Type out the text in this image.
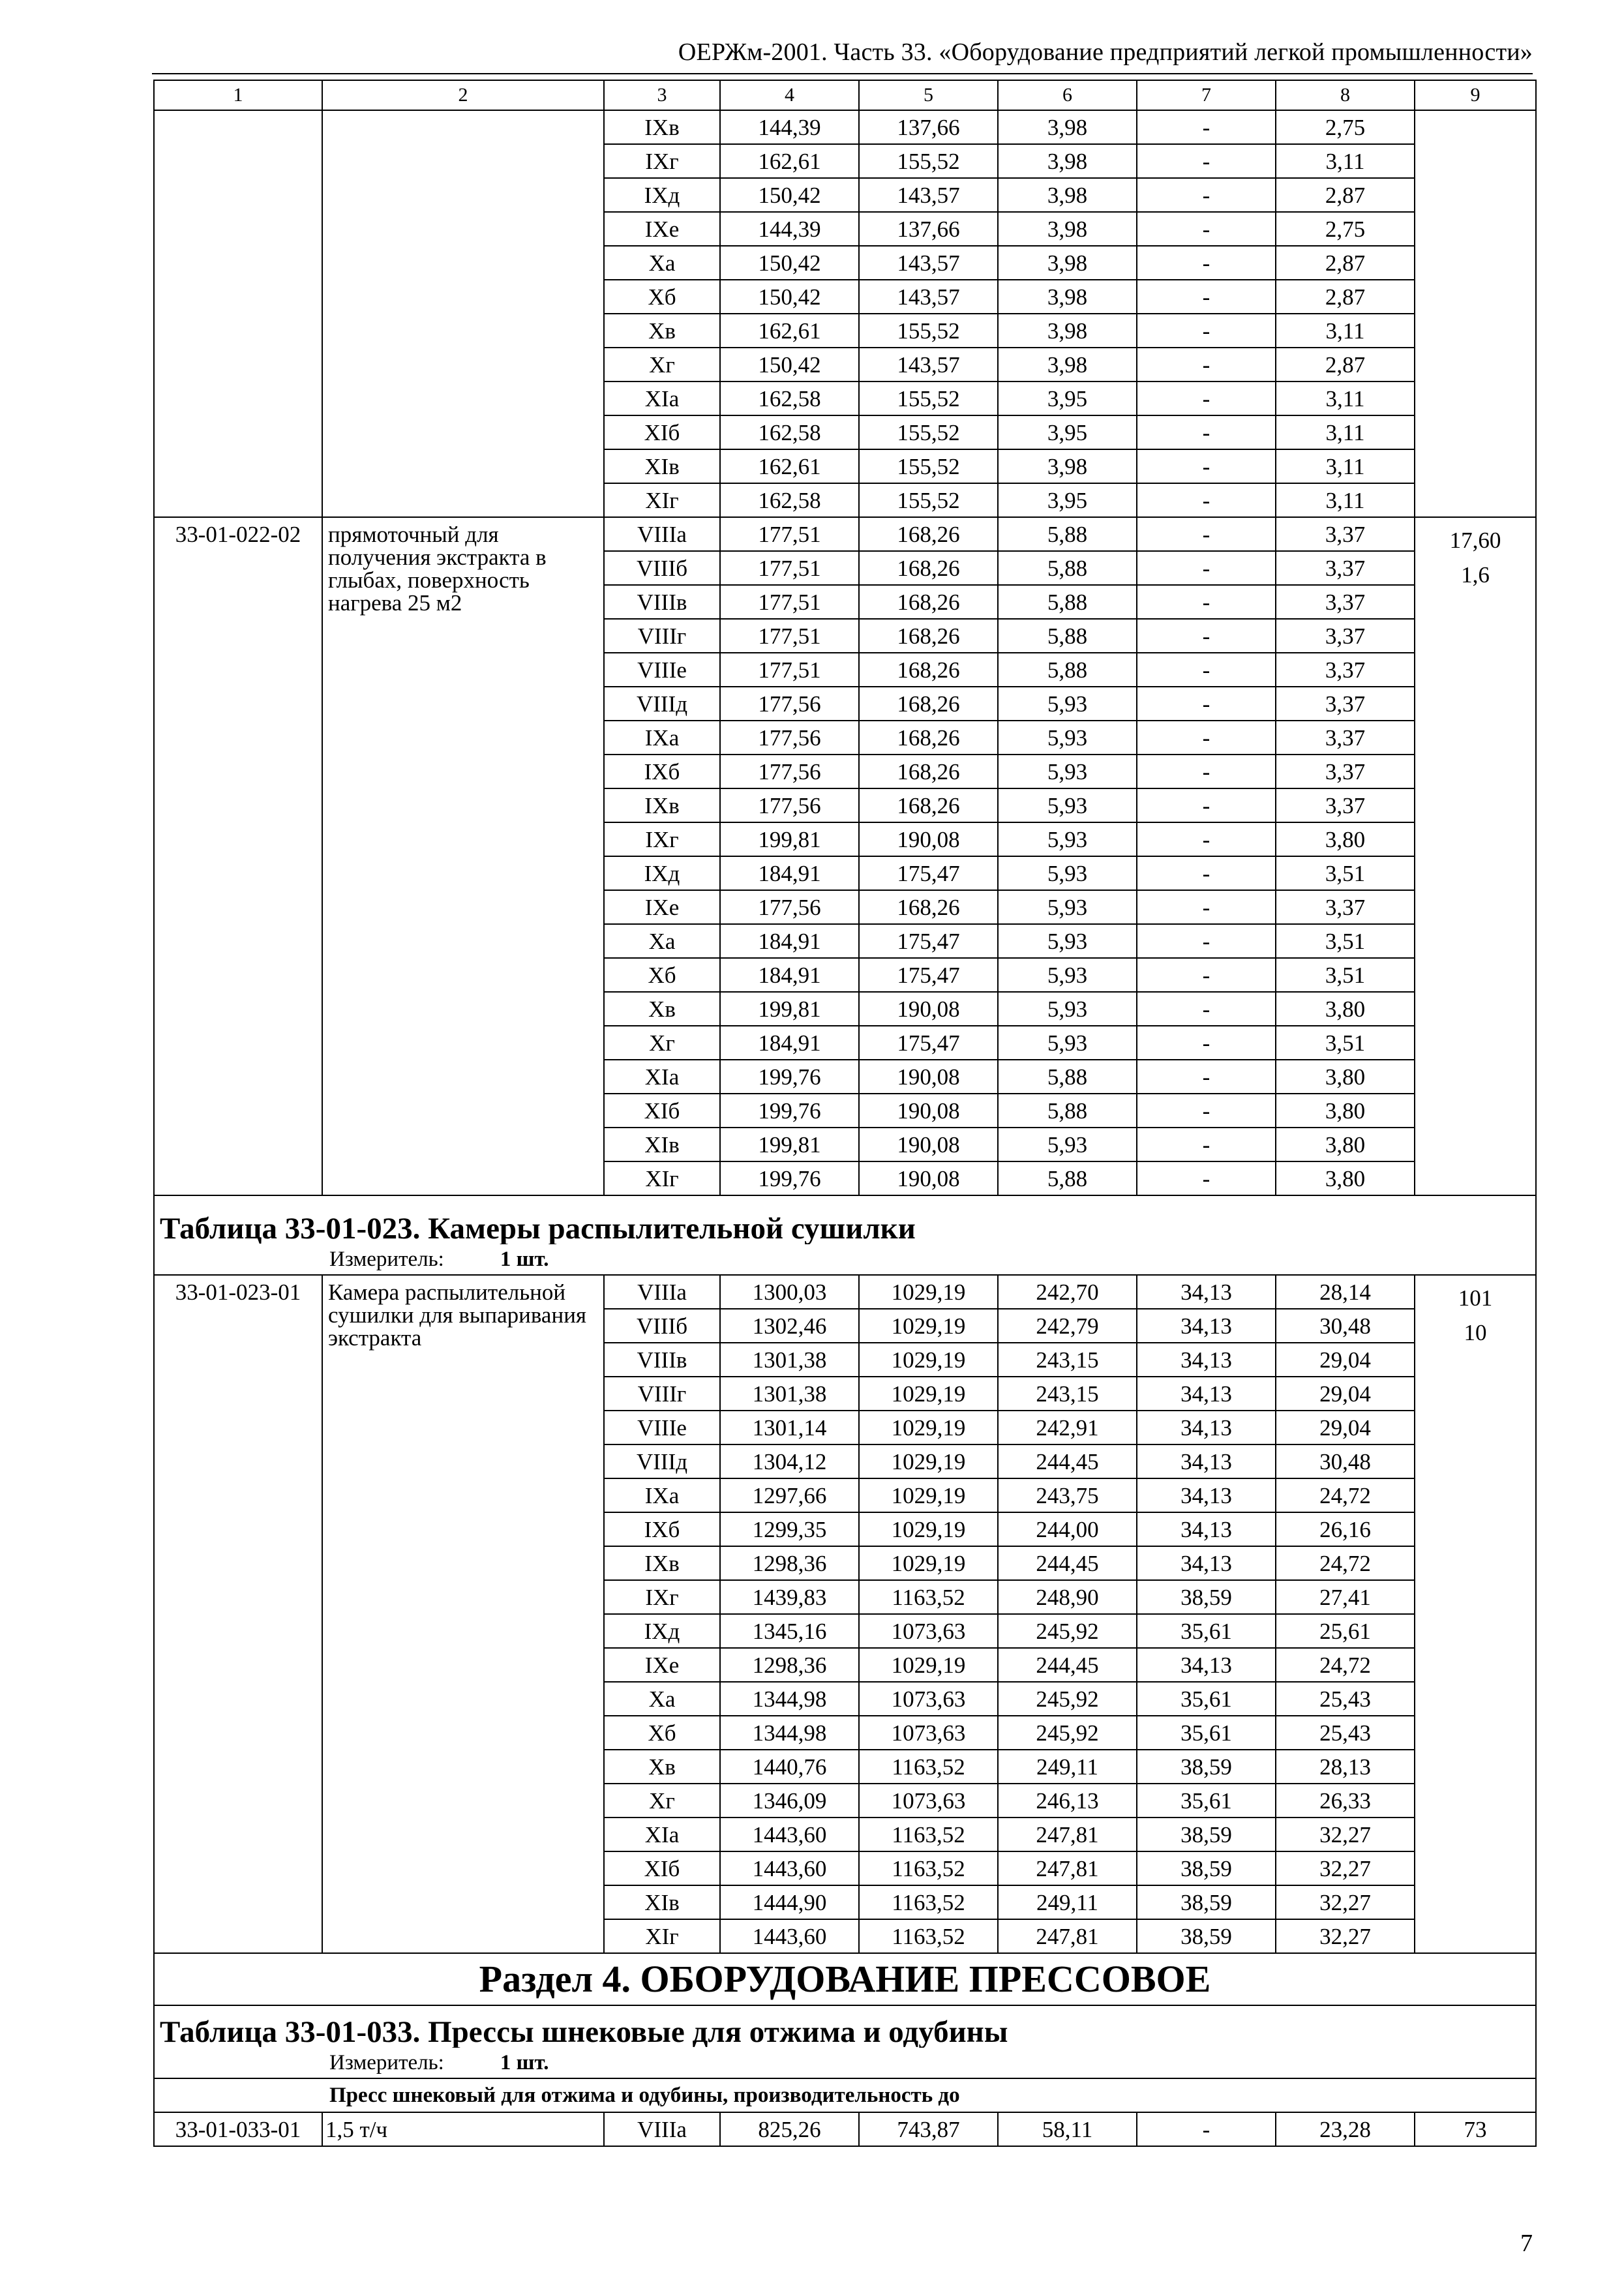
ОЕРЖм-2001. Часть 33. «Оборудование предприятий легкой промышленности»
1	2	3	4	5	6	7	8	9
		IXв	144,39	137,66	3,98	-	2,75	
		IXг	162,61	155,52	3,98	-	3,11	
		IXд	150,42	143,57	3,98	-	2,87	
		IXе	144,39	137,66	3,98	-	2,75	
		Xа	150,42	143,57	3,98	-	2,87	
		Xб	150,42	143,57	3,98	-	2,87	
		Xв	162,61	155,52	3,98	-	3,11	
		Xг	150,42	143,57	3,98	-	2,87	
		XIа	162,58	155,52	3,95	-	3,11	
		XIб	162,58	155,52	3,95	-	3,11	
		XIв	162,61	155,52	3,98	-	3,11	
		XIг	162,58	155,52	3,95	-	3,11	
33-01-022-02	прямоточный для получения экстракта в глыбах, поверхность нагрева 25 м2	VIIIа	177,51	168,26	5,88	-	3,37	17,60
1,6

		VIIIб	177,51	168,26	5,88	-	3,37	
		VIIIв	177,51	168,26	5,88	-	3,37	
		VIIIг	177,51	168,26	5,88	-	3,37	
		VIIIе	177,51	168,26	5,88	-	3,37	
		VIIIд	177,56	168,26	5,93	-	3,37	
		IXа	177,56	168,26	5,93	-	3,37	
		IXб	177,56	168,26	5,93	-	3,37	
		IXв	177,56	168,26	5,93	-	3,37	
		IXг	199,81	190,08	5,93	-	3,80	
		IXд	184,91	175,47	5,93	-	3,51	
		IXе	177,56	168,26	5,93	-	3,37	
		Xа	184,91	175,47	5,93	-	3,51	
		Xб	184,91	175,47	5,93	-	3,51	
		Xв	199,81	190,08	5,93	-	3,80	
		Xг	184,91	175,47	5,93	-	3,51	
		XIа	199,76	190,08	5,88	-	3,80	
		XIб	199,76	190,08	5,88	-	3,80	
		XIв	199,81	190,08	5,93	-	3,80	
		XIг	199,76	190,08	5,88	-	3,80	
Таблица 33-01-023. Камеры распылительной сушилки								
Измеритель: 1 шт.								
33-01-023-01	Камера распылительной сушилки для выпаривания экстракта	VIIIа	1300,03	1029,19	242,70	34,13	28,14	101
10

		VIIIб	1302,46	1029,19	242,79	34,13	30,48	
		VIIIв	1301,38	1029,19	243,15	34,13	29,04	
		VIIIг	1301,38	1029,19	243,15	34,13	29,04	
		VIIIе	1301,14	1029,19	242,91	34,13	29,04	
		VIIIд	1304,12	1029,19	244,45	34,13	30,48	
		IXа	1297,66	1029,19	243,75	34,13	24,72	
		IXб	1299,35	1029,19	244,00	34,13	26,16	
		IXв	1298,36	1029,19	244,45	34,13	24,72	
		IXг	1439,83	1163,52	248,90	38,59	27,41	
		IXд	1345,16	1073,63	245,92	35,61	25,61	
		IXе	1298,36	1029,19	244,45	34,13	24,72	
		Xа	1344,98	1073,63	245,92	35,61	25,43	
		Xб	1344,98	1073,63	245,92	35,61	25,43	
		Xв	1440,76	1163,52	249,11	38,59	28,13	
		Xг	1346,09	1073,63	246,13	35,61	26,33	
		XIа	1443,60	1163,52	247,81	38,59	32,27	
		XIб	1443,60	1163,52	247,81	38,59	32,27	
		XIв	1444,90	1163,52	249,11	38,59	32,27	
		XIг	1443,60	1163,52	247,81	38,59	32,27	
Раздел 4. ОБОРУДОВАНИЕ ПРЕССОВОЕ								
Таблица 33-01-033. Прессы шнековые для отжима и одубины								
Измеритель: 1 шт.								
Пресс шнековый для отжима и одубины, производительность до								
33-01-033-01	1,5 т/ч	VIIIа	825,26	743,87	58,11	-	23,28	73
7
